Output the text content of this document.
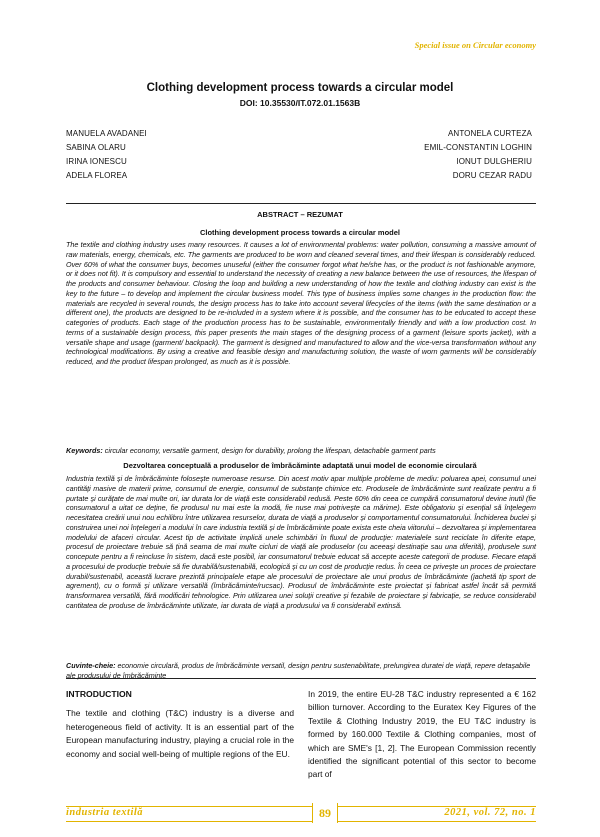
Special issue on Circular economy
Clothing development process towards a circular model
DOI: 10.35530/IT.072.01.1563B
MANUELA AVADANEI
SABINA OLARU
IRINA IONESCU
ADELA FLOREA
ANTONELA CURTEZA
EMIL-CONSTANTIN LOGHIN
IONUT DULGHERIU
DORU CEZAR RADU
ABSTRACT – REZUMAT
Clothing development process towards a circular model

The textile and clothing industry uses many resources. It causes a lot of environmental problems: water pollution, consuming a massive amount of raw materials, energy, chemicals, etc. The garments are produced to be worn and cleaned several times, and their lifespan is considerably reduced. Over 60% of what the consumer buys, becomes unuseful (either the consumer forgot what he/she has, or the product is not fashionable anymore, or it does not fit). It is compulsory and essential to understand the necessity of creating a new balance between the use of resources, the lifespan of the products and consumer behaviour. Closing the loop and building a new understanding of how the textile and clothing industry can exist is the key to the future – to develop and implement the circular business model. This type of business implies some changes in the production flow: the materials are recycled in several rounds, the design process has to take into account several lifecycles of the items (with the same destination or a different one), the products are designed to be re-included in a system where it is possible, and the consumer has to be educated to accept these categories of products. Each stage of the production process has to be sustainable, environmentally friendly and with a low production cost. In terms of a sustainable design process, this paper presents the main stages of the designing process of a garment (leisure sports jacket), with a versatile shape and usage (garment/ backpack). The garment is designed and manufactured to allow and the vice-versa transformation without any technological modifications. By using a creative and feasible design and manufacturing solution, the waste of worn garments will be considerably reduced, and the product lifespan prolonged, as much as it is possible.

Keywords: circular economy, versatile garment, design for durability, prolong the lifespan, detachable garment parts

Dezvoltarea conceptuală a produselor de îmbrăcăminte adaptată unui model de economie circulară

Industria textilă și de îmbrăcăminte folosește numeroase resurse. Din acest motiv apar multiple probleme de mediu: poluarea apei, consumul unei cantități masive de materii prime, consumul de energie, consumul de substanțe chimice etc. Produsele de îmbrăcăminte sunt realizate pentru a fi purtate și curățate de mai multe ori, iar durata lor de viață este considerabil redusă. Peste 60% din ceea ce cumpără consumatorul devine inutil (fie consumatorul a uitat ce deține, fie produsul nu mai este la modă, fie nuse mai potrivește ca mărime). Este obligatoriu și esențial să înțelegem necesitatea creării unui nou echilibru între utilizarea resurselor, durata de viață a produselor și comportamentul consumatorului. Închiderea buclei și construirea unei noi înțelegeri a modului în care industria textilă și de îmbrăcăminte poate exista este cheia viitorului – dezvoltarea și implementarea modelului de afaceri circular. Acest tip de activitate implică unele schimbări în fluxul de producție: materialele sunt reciclate în diferite etape, procesul de proiectare trebuie să țină seama de mai multe cicluri de viață ale produselor (cu aceeași destinație sau una diferită), produsele sunt concepute pentru a fi reincluse în sistem, dacă este posibil, iar consumatorul trebuie educat să accepte aceste categorii de produse. Fiecare etapă a procesului de producție trebuie să fie durabilă/sustenabilă, ecologică și cu un cost de producție redus. În ceea ce privește un proces de proiectare durabil/sustenabil, această lucrare prezintă principalele etape ale procesului de proiectare ale unui produs de îmbrăcăminte (jachetă tip sport de agrement), cu o formă și utilizare versatilă (îmbrăcăminte/rucsac). Produsul de îmbrăcăminte este proiectat și fabricat astfel încât să permită transformarea versatilă, fără modificări tehnologice. Prin utilizarea unei soluții creative și fezabile de proiectare și fabricație, se reduce considerabil cantitatea de produse de îmbrăcăminte utilizate, iar durata de viață a produsului va fi considerabil extinsă.

Cuvinte-cheie: economie circulară, produs de îmbrăcăminte versatil, design pentru sustenabilitate, prelungirea duratei de viață, repere detașabile ale produsului de îmbrăcăminte

INTRODUCTION

The textile and clothing (T&C) industry is a diverse and heterogeneous field of activity. It is an essential part of the European manufacturing industry, playing a crucial role in the economy and social well-being of multiple regions of the EU.

In 2019, the entire EU-28 T&C industry represented a € 162 billion turnover. According to the Euratex Key Figures of the Textile & Clothing Industry 2019, the EU T&C industry is formed by 160.000 Textile & Clothing companies, most of which are SME's [1, 2]. The European Commission recently identified the significant potential of this sector to become part of

industria textilă	89	2021, vol. 72, no. 1
